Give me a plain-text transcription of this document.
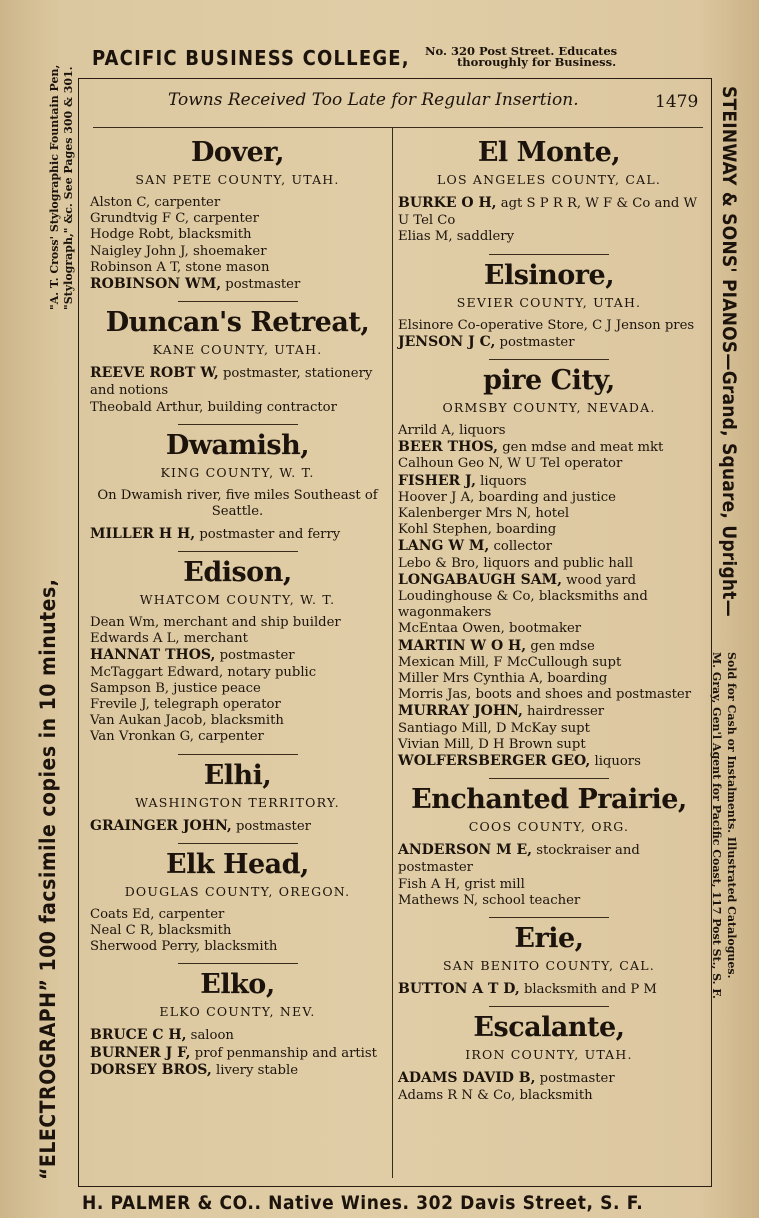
PACIFIC BUSINESS COLLEGE, No. 320 Post Street. Educates
thoroughly for Business.
“ELECTROGRAPH” 100 facsimile copies in 10 minutes,
"A. T. Cross' Stylographic Fountain Pen, "Stylograph," &c. See Pages 300 & 301.	STEINWAY & SONS' PIANOS—Grand, Square, Upright—
Sold for Cash or Instalments. Illustrated Catalogues.
M. Gray, Gen'l Agent for Pacific Coast, 117 Post St., S. F.
Towns Received Too Late for Regular Insertion.	1479
Dover,
SAN PETE COUNTY, UTAH.
Alston C, carpenter
Grundtvig F C, carpenter
Hodge Robt, blacksmith
Naigley John J, shoemaker
Robinson A T, stone mason
ROBINSON WM, postmaster
Duncan's Retreat,
KANE COUNTY, UTAH.
REEVE ROBT W, postmaster, stationery and notions
Theobald Arthur, building contractor
Dwamish,
KING COUNTY, W. T.
On Dwamish river, five miles Southeast of Seattle.
MILLER H H, postmaster and ferry
Edison,
WHATCOM COUNTY, W. T.
Dean Wm, merchant and ship builder
Edwards A L, merchant
HANNAT THOS, postmaster
McTaggart Edward, notary public
Sampson B, justice peace
Frevile J, telegraph operator
Van Aukan Jacob, blacksmith
Van Vronkan G, carpenter
Elhi,
WASHINGTON TERRITORY.
GRAINGER JOHN, postmaster
Elk Head,
DOUGLAS COUNTY, OREGON.
Coats Ed, carpenter
Neal C R, blacksmith
Sherwood Perry, blacksmith
Elko,
ELKO COUNTY, NEV.
BRUCE C H, saloon
BURNER J F, prof penmanship and artist
DORSEY BROS, livery stable
El Monte,
LOS ANGELES COUNTY, CAL.
BURKE O H, agt S P R R, W F & Co and W U Tel Co
Elias M, saddlery
Elsinore,
SEVIER COUNTY, UTAH.
Elsinore Co-operative Store, C J Jenson pres
JENSON J C, postmaster
pire City,
ORMSBY COUNTY, NEVADA.
Arrild A, liquors
BEER THOS, gen mdse and meat mkt
Calhoun Geo N, W U Tel operator
FISHER J, liquors
Hoover J A, boarding and justice
Kalenberger Mrs N, hotel
Kohl Stephen, boarding
LANG W M, collector
Lebo & Bro, liquors and public hall
LONGABAUGH SAM, wood yard
Loudinghouse & Co, blacksmiths and wagonmakers
McEntaa Owen, bootmaker
MARTIN W O H, gen mdse
Mexican Mill, F McCullough supt
Miller Mrs Cynthia A, boarding
Morris Jas, boots and shoes and postmaster
MURRAY JOHN, hairdresser
Santiago Mill, D McKay supt
Vivian Mill, D H Brown supt
WOLFERSBERGER GEO, liquors
Enchanted Prairie,
COOS COUNTY, ORG.
ANDERSON M E, stockraiser and postmaster
Fish A H, grist mill
Mathews N, school teacher
Erie,
SAN BENITO COUNTY, CAL.
BUTTON A T D, blacksmith and P M
Escalante,
IRON COUNTY, UTAH.
ADAMS DAVID B, postmaster
Adams R N & Co, blacksmith
H. PALMER & CO.. Native Wines. 302 Davis Street, S. F.
